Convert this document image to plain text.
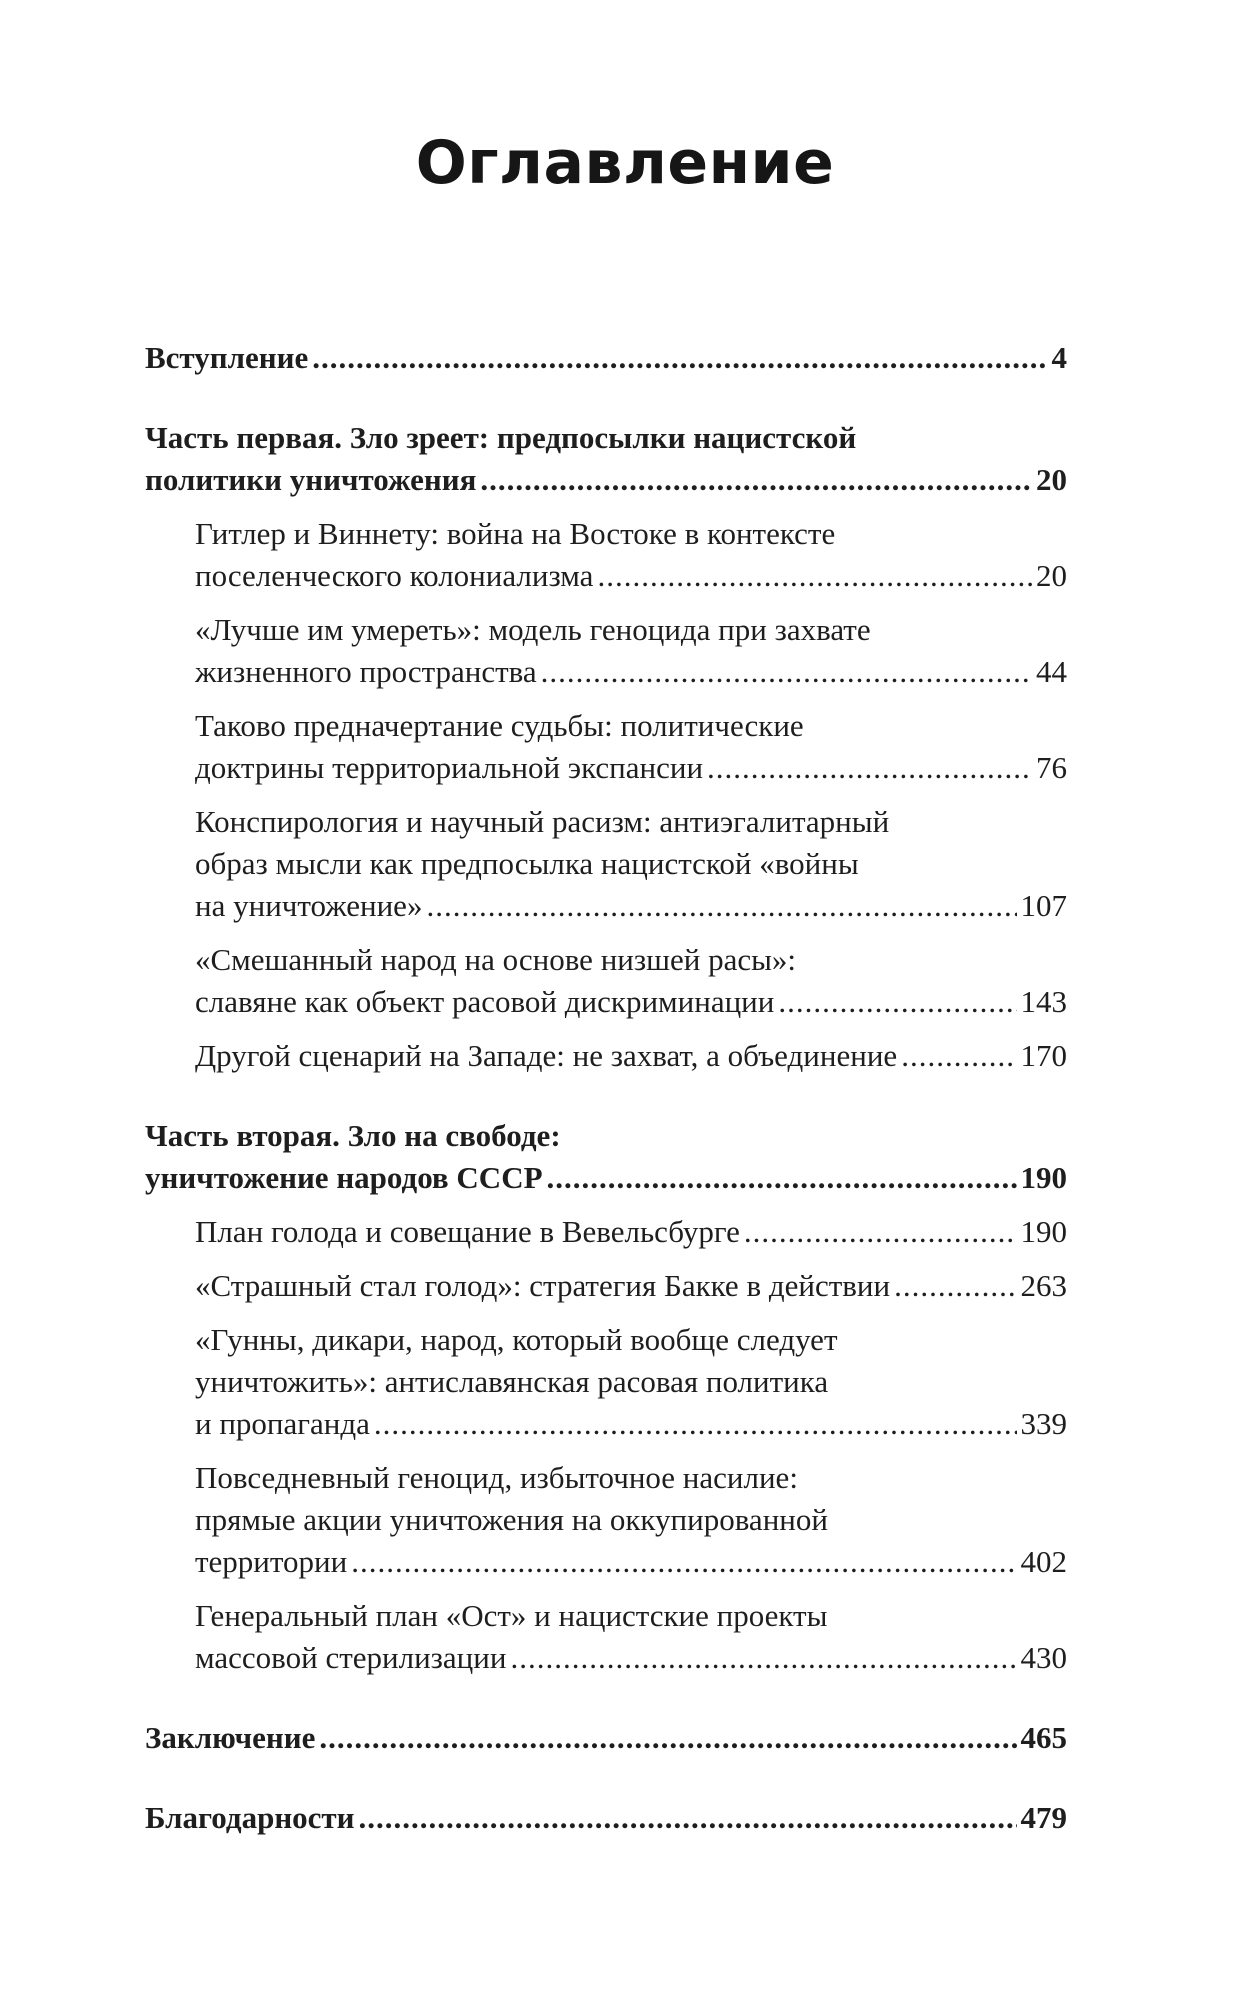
Оглавление
Вступление .....	4
Часть первая. Зло зреет: предпосылки нацистской
политики уничтожения .....	20
Гитлер и Виннету: война на Востоке в контексте
поселенческого колониализма .....	20
«Лучше им умереть»: модель геноцида при захвате
жизненного пространства .....	44
Таково предначертание судьбы: политические
доктрины территориальной экспансии .....	76
Конспирология и научный расизм: антиэгалитарный
образ мысли как предпосылка нацистской «войны
на уничтожение» .....	107
«Смешанный народ на основе низшей расы»:
славяне как объект расовой дискриминации .....	143
Другой сценарий на Западе: не захват, а объединение .....	170
Часть вторая. Зло на свободе:
уничтожение народов СССР .....	190
План голода и совещание в Вевельсбурге .....	190
«Страшный стал голод»: стратегия Бакке в действии .....	263
«Гунны, дикари, народ, который вообще следует
уничтожить»: антиславянская расовая политика
и пропаганда .....	339
Повседневный геноцид, избыточное насилие:
прямые акции уничтожения на оккупированной
территории .....	402
Генеральный план «Ост» и нацистские проекты
массовой стерилизации .....	430
Заключение .....	465
Благодарности .....	479
